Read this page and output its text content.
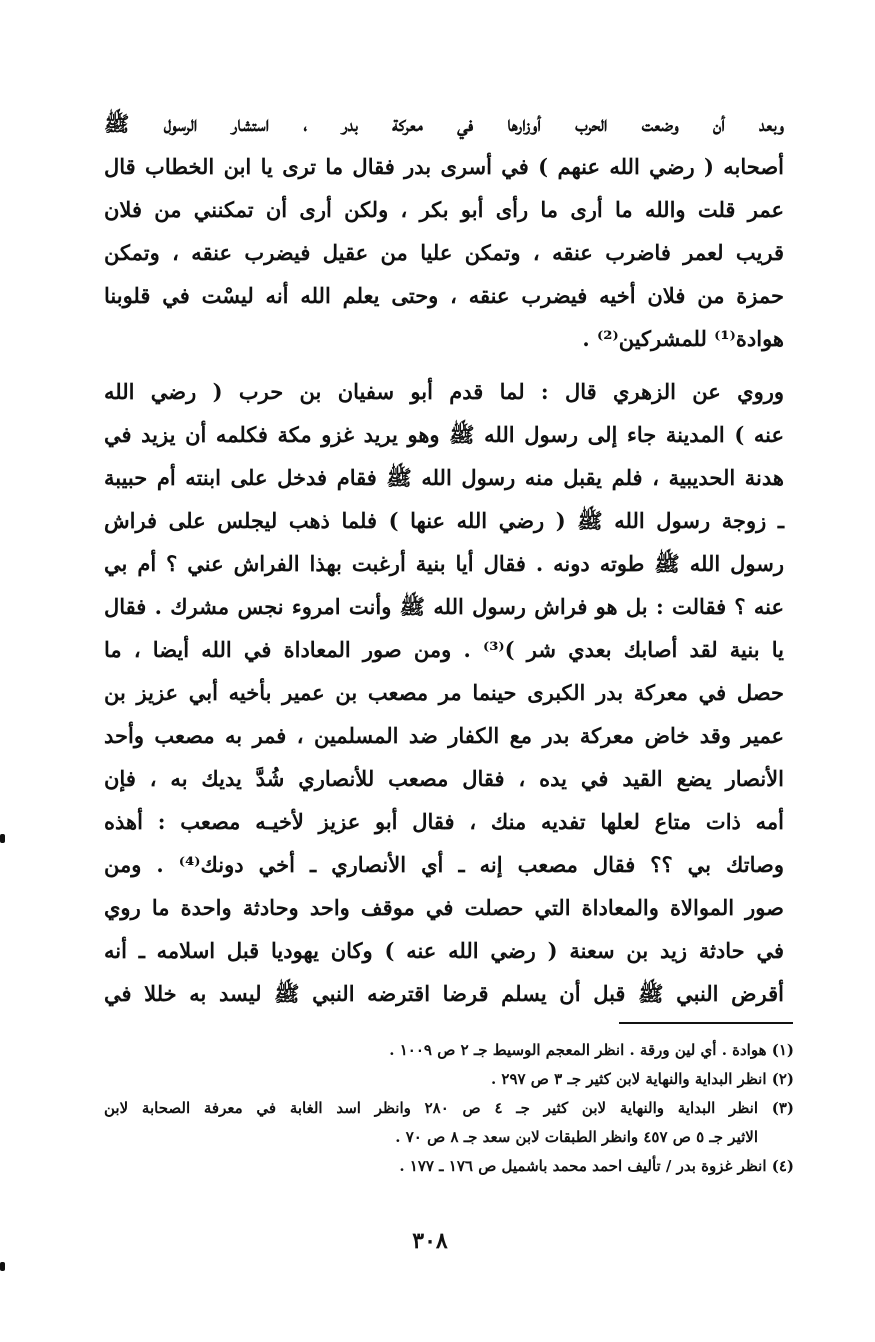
وبعد أن وضعت الحرب أوزارها في معركة بدر ، استشار الرسول ﷺ
أصحابه ( رضي الله عنهم ) في أسرى بدر فقال ما ترى يا ابن الخطاب قال
عمر قلت والله ما أرى ما رأى أبو بكر ، ولكن أرى أن تمكنني من فلان
قريب لعمر فاضرب عنقه ، وتمكن عليا من عقيل فيضرب عنقه ، وتمكن
حمزة من فلان أخيه فيضرب عنقه ، وحتى يعلم الله أنه ليسْت في قلوبنا
هوادة⁽¹⁾ للمشركين⁽²⁾ .
وروي عن الزهري قال : لما قدم أبو سفيان بن حرب ( رضي الله
عنه ) المدينة جاء إلى رسول الله ﷺ وهو يريد غزو مكة فكلمه أن يزيد في
هدنة الحديبية ، فلم يقبل منه رسول الله ﷺ فقام فدخل على ابنته أم حبيبة
ـ زوجة رسول الله ﷺ ( رضي الله عنها ) فلما ذهب ليجلس على فراش
رسول الله ﷺ طوته دونه . فقال أيا بنية أرغبت بهذا الفراش عني ؟ أم بي
عنه ؟ فقالت : بل هو فراش رسول الله ﷺ وأنت امروء نجس مشرك . فقال
يا بنية لقد أصابك بعدي شر )⁽³⁾ . ومن صور المعاداة في الله أيضا ، ما
حصل في معركة بدر الكبرى حينما مر مصعب بن عمير بأخيه أبي عزيز بن
عمير وقد خاض معركة بدر مع الكفار ضد المسلمين ، فمر به مصعب وأحد
الأنصار يضع القيد في يده ، فقال مصعب للأنصاري شُدَّ يديك به ، فإن
أمه ذات متاع لعلها تفديه منك ، فقال أبو عزيز لأخيـه مصعب : أهذه
وصاتك بي ؟؟ فقال مصعب إنه ـ أي الأنصاري ـ أخي دونك⁽⁴⁾ . ومن
صور الموالاة والمعاداة التي حصلت في موقف واحد وحادثة واحدة ما روي
في حادثة زيد بن سعنة ( رضي الله عنه ) وكان يهوديا قبل اسلامه ـ أنه
أقرض النبي ﷺ قبل أن يسلم قرضا اقترضه النبي ﷺ ليسد به خللا في
(١) هوادة . أي لين ورقة . انظر المعجم الوسيط جـ ٢ ص ١٠٠٩ .
(٢) انظر البداية والنهاية لابن كثير جـ ٣ ص ٢٩٧ .
(٣) انظر البداية والنهاية لابن كثير جـ ٤ ص ٢٨٠ وانظر اسد الغابة في معرفة الصحابة لابن
الاثير جـ ٥ ص ٤٥٧ وانظر الطبقات لابن سعد جـ ٨ ص ٧٠ .
(٤) انظر غزوة بدر / تأليف احمد محمد باشميل ص ١٧٦ ـ ١٧٧ .
٣٠٨
